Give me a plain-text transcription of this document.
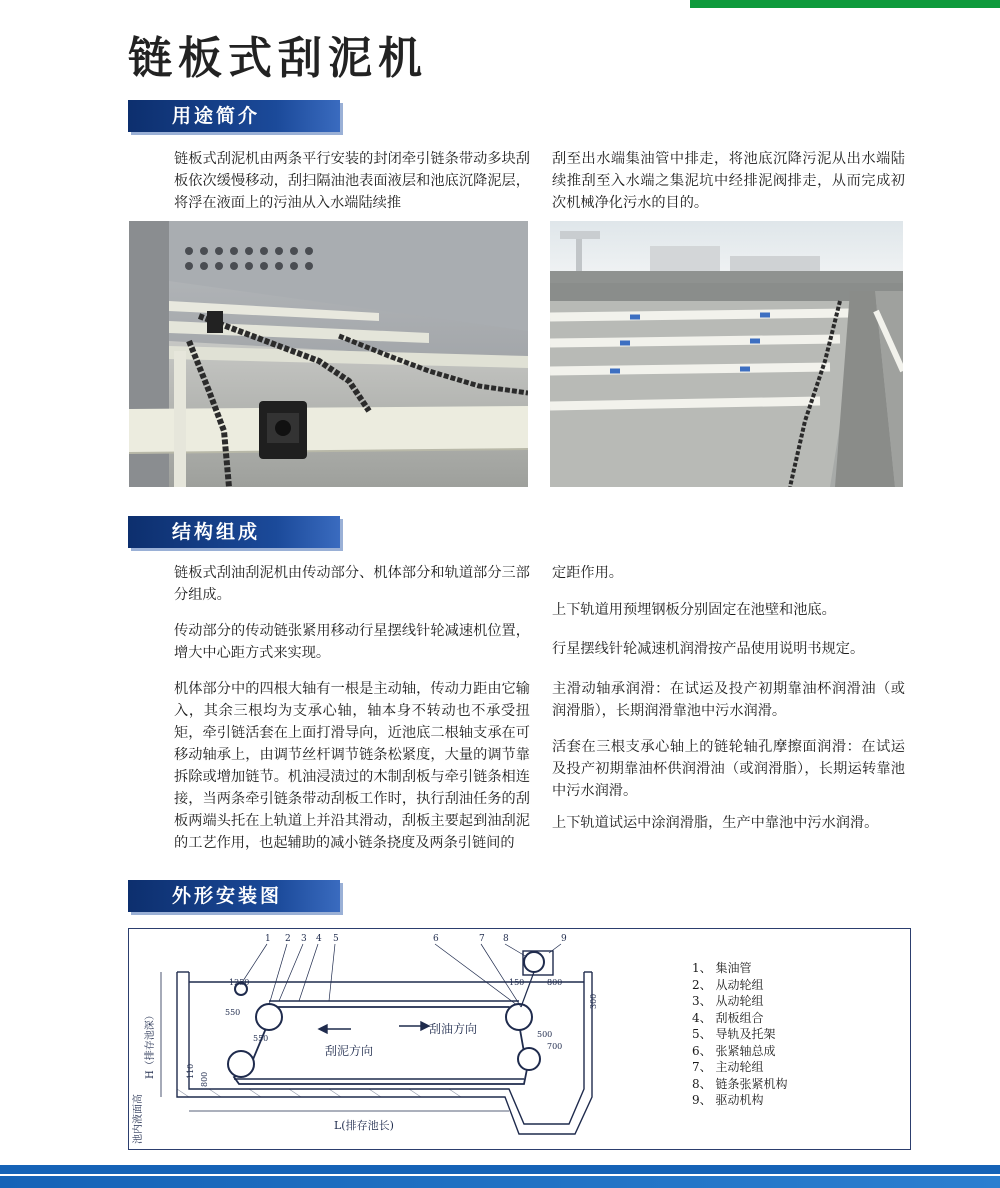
链板式刮泥机
用途简介

链板式刮泥机由两条平行安装的封闭牵引链条带动多块刮板依次缓慢移动，刮扫隔油池表面液层和池底沉降泥层，将浮在液面上的污油从入水端陆续推

刮至出水端集油管中排走，将池底沉降污泥从出水端陆续推刮至入水端之集泥坑中经排泥阀排走，从而完成初次机械净化污水的目的。

结构组成

链板式刮油刮泥机由传动部分、机体部分和轨道部分三部分组成。

传动部分的传动链张紧用移动行星摆线针轮减速机位置，增大中心距方式来实现。

机体部分中的四根大轴有一根是主动轴，传动力距由它输入，其余三根均为支承心轴，轴本身不转动也不承受扭矩，牵引链活套在上面打滑导向，近池底二根轴支承在可移动轴承上，由调节丝杆调节链条松紧度，大量的调节靠拆除或增加链节。机油浸渍过的木制刮板与牵引链条相连接，当两条牵引链条带动刮板工作时，执行刮油任务的刮板两端头托在上轨道上并沿其滑动，刮板主要起到油刮泥的工艺作用，也起辅助的减小链条挠度及两条引链间的

定距作用。

上下轨道用预埋钢板分别固定在池壁和池底。

行星摆线针轮减速机润滑按产品使用说明书规定。

主滑动轴承润滑：在试运及投产初期靠油杯润滑油（或润滑脂），长期润滑靠池中污水润滑。

活套在三根支承心轴上的链轮轴孔摩擦面润滑：在试运及投产初期靠油杯供润滑油（或润滑脂），长期运转靠池中污水润滑。

上下轨道试运中涂润滑脂，生产中靠池中污水润滑。

外形安装图
刮泥方向
刮油方向
L(排存池长)
H（排存池深）
池内液面高
1 2 3 4 5	6	7 8	9
1250
550
550
800
150
500
700
300
110
800
1、 集油管
2、 从动轮组
3、 从动轮组
4、 刮板组合
5、 导轨及托架
6、 张紧轴总成
7、 主动轮组
8、 链条张紧机构
9、 驱动机构
